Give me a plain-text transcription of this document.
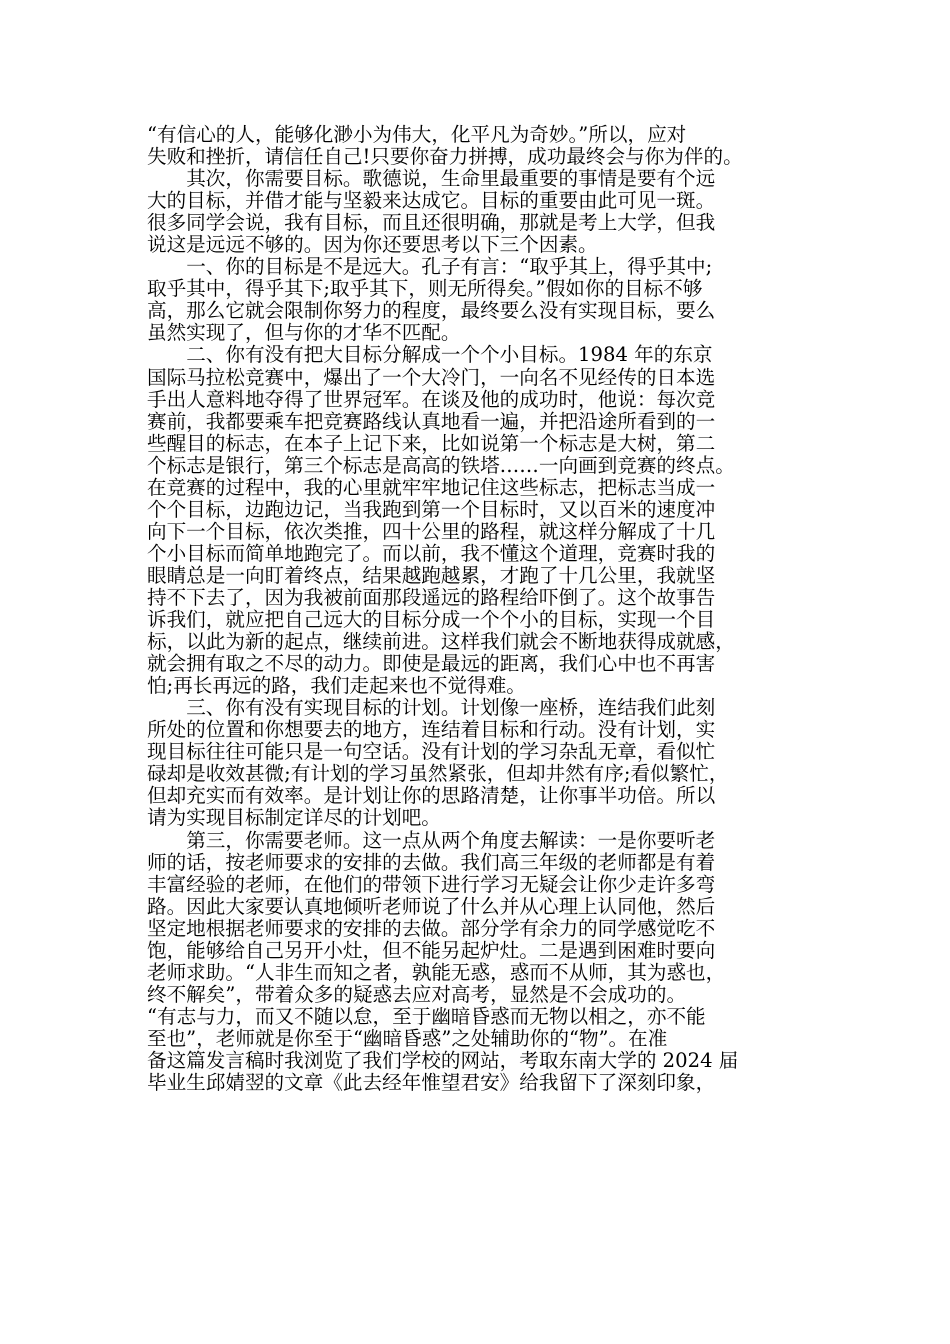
“有信心的人，能够化渺小为伟大，化平凡为奇妙。”所以，应对
失败和挫折，请信任自己!只要你奋力拼搏，成功最终会与你为伴的。
其次，你需要目标。歌德说，生命里最重要的事情是要有个远
大的目标，并借才能与坚毅来达成它。目标的重要由此可见一斑。
很多同学会说，我有目标，而且还很明确，那就是考上大学，但我
说这是远远不够的。因为你还要思考以下三个因素。
一、你的目标是不是远大。孔子有言：“取乎其上，得乎其中;
取乎其中，得乎其下;取乎其下，则无所得矣。”假如你的目标不够
高，那么它就会限制你努力的程度，最终要么没有实现目标，要么
虽然实现了，但与你的才华不匹配。
二、你有没有把大目标分解成一个个小目标。1984 年的东京
国际马拉松竞赛中，爆出了一个大冷门，一向名不见经传的日本选
手出人意料地夺得了世界冠军。在谈及他的成功时，他说：每次竞
赛前，我都要乘车把竞赛路线认真地看一遍，并把沿途所看到的一
些醒目的标志，在本子上记下来，比如说第一个标志是大树，第二
个标志是银行，第三个标志是高高的铁塔……一向画到竞赛的终点。
在竞赛的过程中，我的心里就牢牢地记住这些标志，把标志当成一
个个目标，边跑边记，当我跑到第一个目标时，又以百米的速度冲
向下一个目标，依次类推，四十公里的路程，就这样分解成了十几
个小目标而简单地跑完了。而以前，我不懂这个道理，竞赛时我的
眼睛总是一向盯着终点，结果越跑越累，才跑了十几公里，我就坚
持不下去了，因为我被前面那段遥远的路程给吓倒了。这个故事告
诉我们，就应把自己远大的目标分成一个个小的目标，实现一个目
标，以此为新的起点，继续前进。这样我们就会不断地获得成就感，
就会拥有取之不尽的动力。即使是最远的距离，我们心中也不再害
怕;再长再远的路，我们走起来也不觉得难。
三、你有没有实现目标的计划。计划像一座桥，连结我们此刻
所处的位置和你想要去的地方，连结着目标和行动。没有计划，实
现目标往往可能只是一句空话。没有计划的学习杂乱无章，看似忙
碌却是收效甚微;有计划的学习虽然紧张，但却井然有序;看似繁忙，
但却充实而有效率。是计划让你的思路清楚，让你事半功倍。所以
请为实现目标制定详尽的计划吧。
第三，你需要老师。这一点从两个角度去解读：一是你要听老
师的话，按老师要求的安排的去做。我们高三年级的老师都是有着
丰富经验的老师，在他们的带领下进行学习无疑会让你少走许多弯
路。因此大家要认真地倾听老师说了什么并从心理上认同他，然后
坚定地根据老师要求的安排的去做。部分学有余力的同学感觉吃不
饱，能够给自己另开小灶，但不能另起炉灶。二是遇到困难时要向
老师求助。“人非生而知之者，孰能无惑，惑而不从师，其为惑也，
终不解矣”，带着众多的疑惑去应对高考，显然是不会成功的。
“有志与力，而又不随以怠，至于幽暗昏惑而无物以相之，亦不能
至也”，老师就是你至于“幽暗昏惑”之处辅助你的“物”。在准
备这篇发言稿时我浏览了我们学校的网站，考取东南大学的 2024 届
毕业生邱婧翌的文章《此去经年惟望君安》给我留下了深刻印象，
